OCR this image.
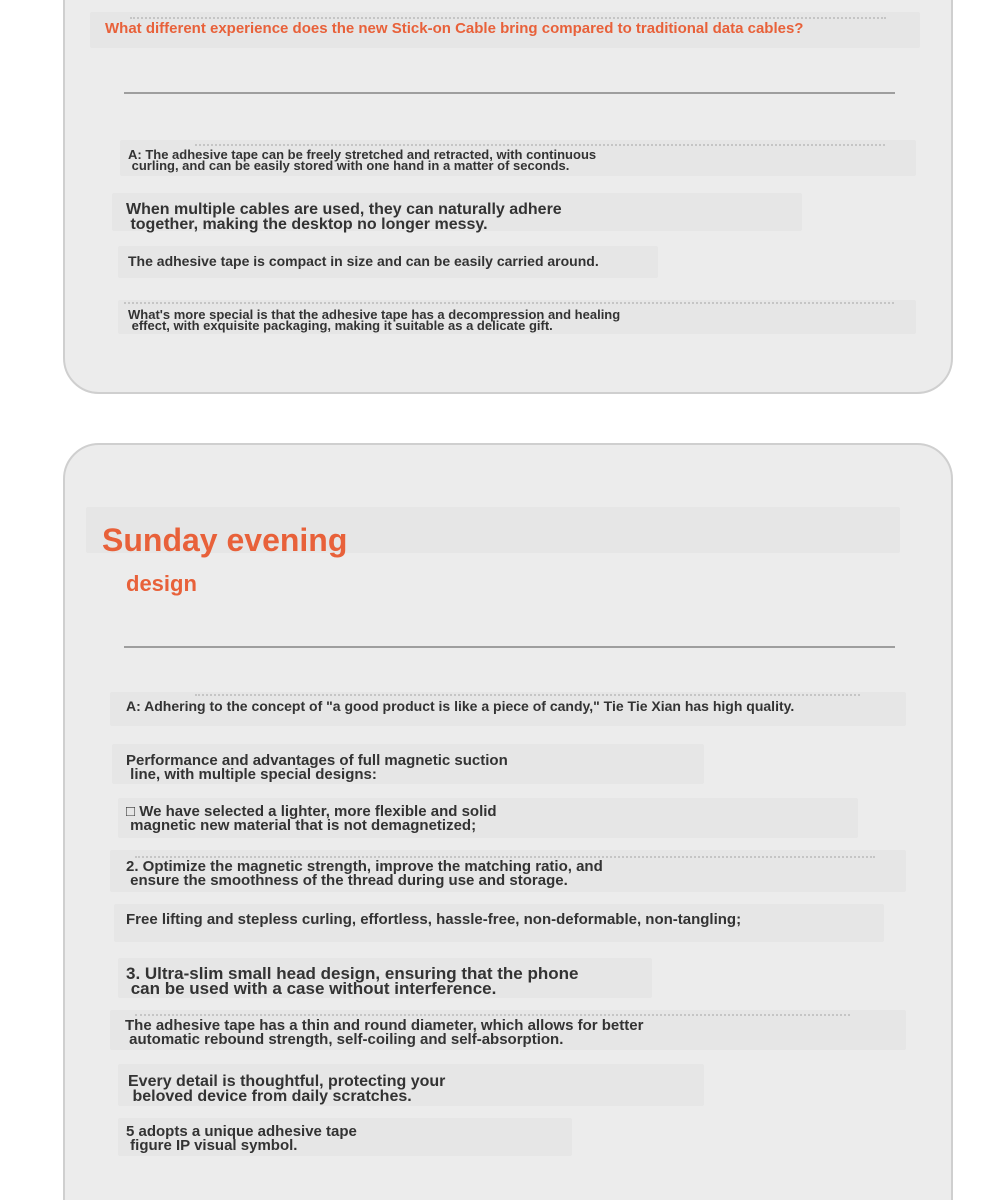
What different experience does the new Stick-on Cable bring compared to traditional data cables?

A: The adhesive tape can be freely stretched and retracted, with continuous
curling, and can be easily stored with one hand in a matter of seconds.

When multiple cables are used, they can naturally adhere
together, making the desktop no longer messy.

The adhesive tape is compact in size and can be easily carried around.

What's more special is that the adhesive tape has a decompression and healing
effect, with exquisite packaging, making it suitable as a delicate gift.

Sunday evening

design

A: Adhering to the concept of "a good product is like a piece of candy," Tie Tie Xian has high quality.

Performance and advantages of full magnetic suction
line, with multiple special designs:

□ We have selected a lighter, more flexible and solid
magnetic new material that is not demagnetized;

2. Optimize the magnetic strength, improve the matching ratio, and
ensure the smoothness of the thread during use and storage.

Free lifting and stepless curling, effortless, hassle-free, non-deformable, non-tangling;

3. Ultra-slim small head design, ensuring that the phone
can be used with a case without interference.

The adhesive tape has a thin and round diameter, which allows for better
automatic rebound strength, self-coiling and self-absorption.

Every detail is thoughtful, protecting your
beloved device from daily scratches.

5 adopts a unique adhesive tape
figure IP visual symbol.
